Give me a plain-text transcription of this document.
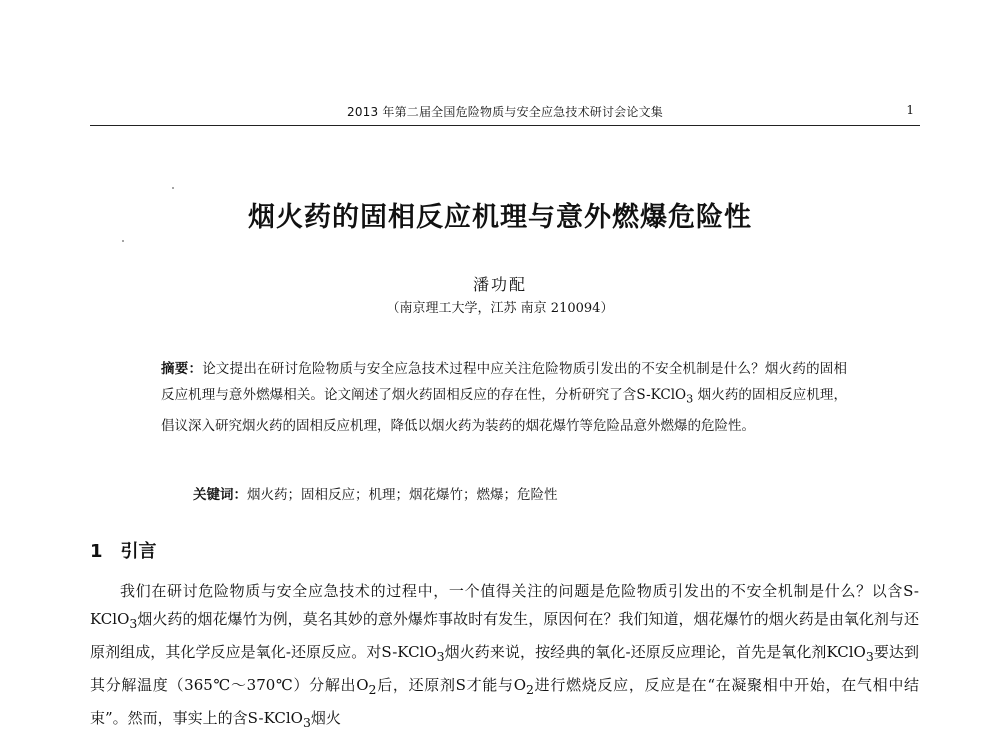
2013 年第二届全国危险物质与安全应急技术研讨会论文集	1
烟火药的固相反应机理与意外燃爆危险性
潘功配
（南京理工大学，江苏 南京 210094）
摘要：论文提出在研讨危险物质与安全应急技术过程中应关注危险物质引发出的不安全机制是什么？烟火药的固相反应机理与意外燃爆相关。论文阐述了烟火药固相反应的存在性，分析研究了含S-KClO$_3$ 烟火药的固相反应机理，倡议深入研究烟火药的固相反应机理，降低以烟火药为装药的烟花爆竹等危险品意外燃爆的危险性。
关键词：烟火药；固相反应；机理；烟花爆竹；燃爆；危险性
1 引言
我们在研讨危险物质与安全应急技术的过程中，一个值得关注的问题是危险物质引发出的不安全机制是什么？以含S-KClO$_3$烟火药的烟花爆竹为例，莫名其妙的意外爆炸事故时有发生，原因何在？我们知道，烟花爆竹的烟火药是由氧化剂与还原剂组成，其化学反应是氧化-还原反应。对S-KClO$_3$烟火药来说，按经典的氧化-还原反应理论，首先是氧化剂KClO$_3$要达到其分解温度（365℃～370℃）分解出$O_2$后，还原剂S才能与$O_2$进行燃烧反应，反应是在“在凝聚相中开始，在气相中结束”。然而，事实上的含S-KClO$_3$烟火
